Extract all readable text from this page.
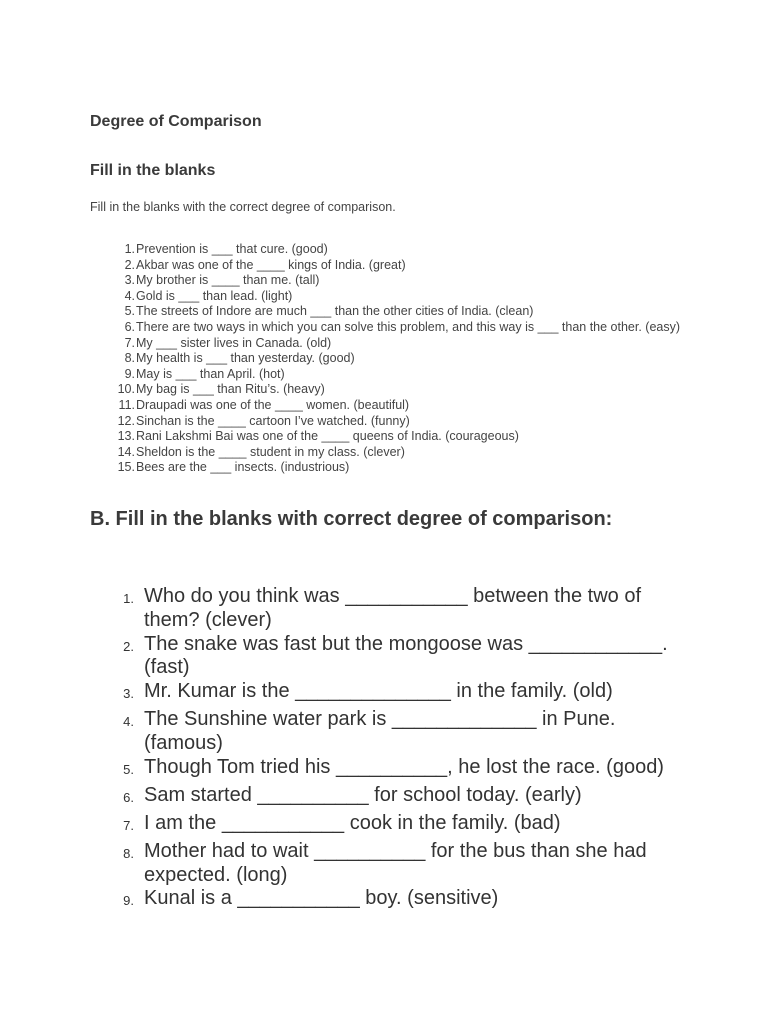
Degree of Comparison
Fill in the blanks

Fill in the blanks with the correct degree of comparison.

1. Prevention is ___ that cure. (good)
2. Akbar was one of the ____ kings of India. (great)
3. My brother is ____ than me. (tall)
4. Gold is ___ than lead. (light)
5. The streets of Indore are much ___ than the other cities of India. (clean)
6. There are two ways in which you can solve this problem, and this way is ___ than the other. (easy)
7. My ___ sister lives in Canada. (old)
8. My health is ___ than yesterday. (good)
9. May is ___ than April. (hot)
10. My bag is ___ than Ritu’s. (heavy)
11. Draupadi was one of the ____ women. (beautiful)
12. Sinchan is the ____ cartoon I’ve watched. (funny)
13. Rani Lakshmi Bai was one of the ____ queens of India. (courageous)
14. Sheldon is the ____ student in my class. (clever)
15. Bees are the ___ insects. (industrious)
B. Fill in the blanks with correct degree of comparison:
1. Who do you think was ___________ between the two of them? (clever)
2. The snake was fast but the mongoose was ____________. (fast)
3. Mr. Kumar is the ______________ in the family. (old)
4. The Sunshine water park is _____________ in Pune. (famous)
5. Though Tom tried his __________, he lost the race. (good)
6. Sam started __________ for school today. (early)
7. I am the ___________ cook in the family. (bad)
8. Mother had to wait __________ for the bus than she had expected. (long)
9. Kunal is a ___________ boy. (sensitive)
